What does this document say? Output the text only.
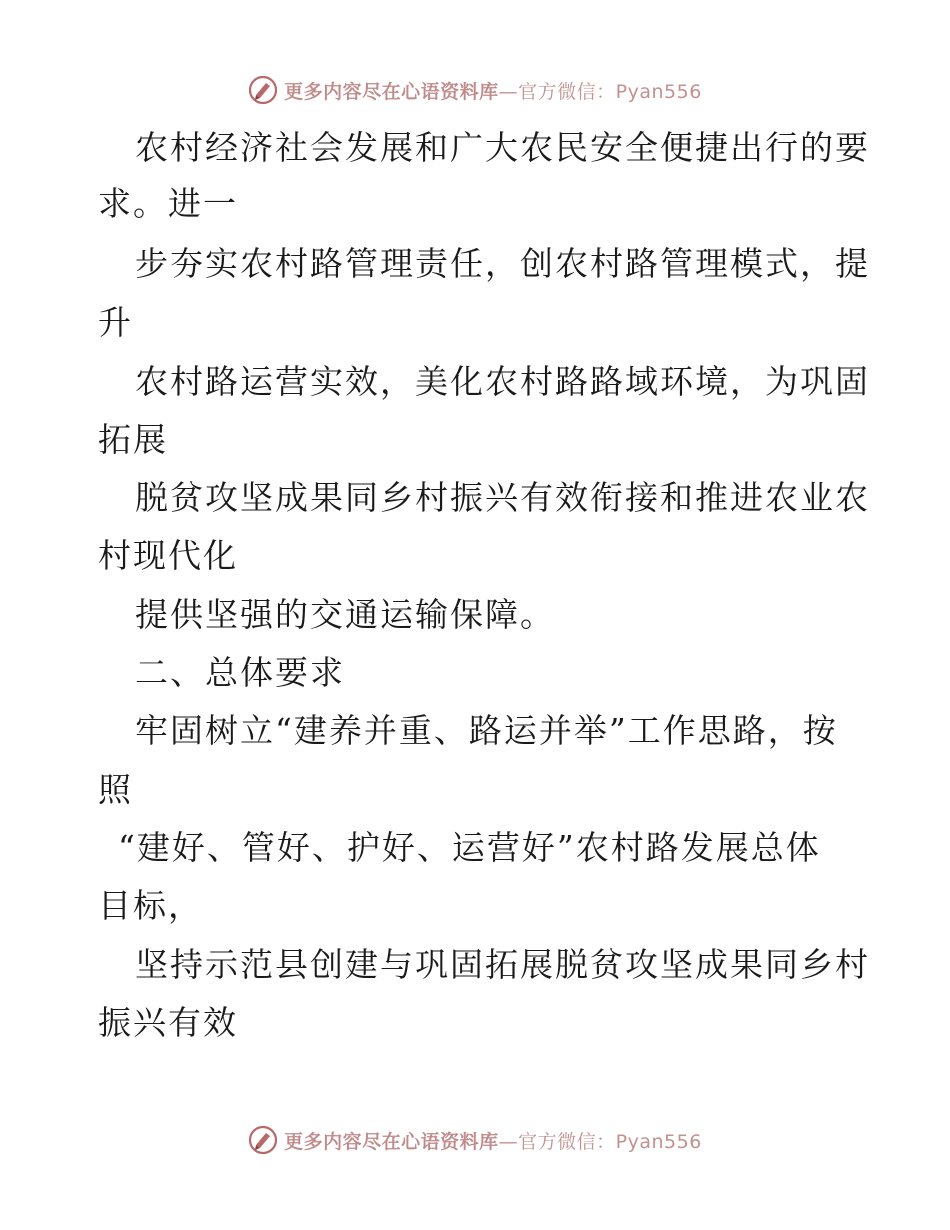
更多内容尽在心语资料库—官方微信：Pyan556
农村经济社会发展和广大农民安全便捷出行的要
求。进一
步夯实农村路管理责任，创农村路管理模式，提
升
农村路运营实效，美化农村路路域环境，为巩固
拓展
脱贫攻坚成果同乡村振兴有效衔接和推进农业农
村现代化
提供坚强的交通运输保障。
二、总体要求
牢固树立“建养并重、路运并举”工作思路，按
照
“建好、管好、护好、运营好”农村路发展总体
目标，
坚持示范县创建与巩固拓展脱贫攻坚成果同乡村
振兴有效
更多内容尽在心语资料库—官方微信：Pyan556
